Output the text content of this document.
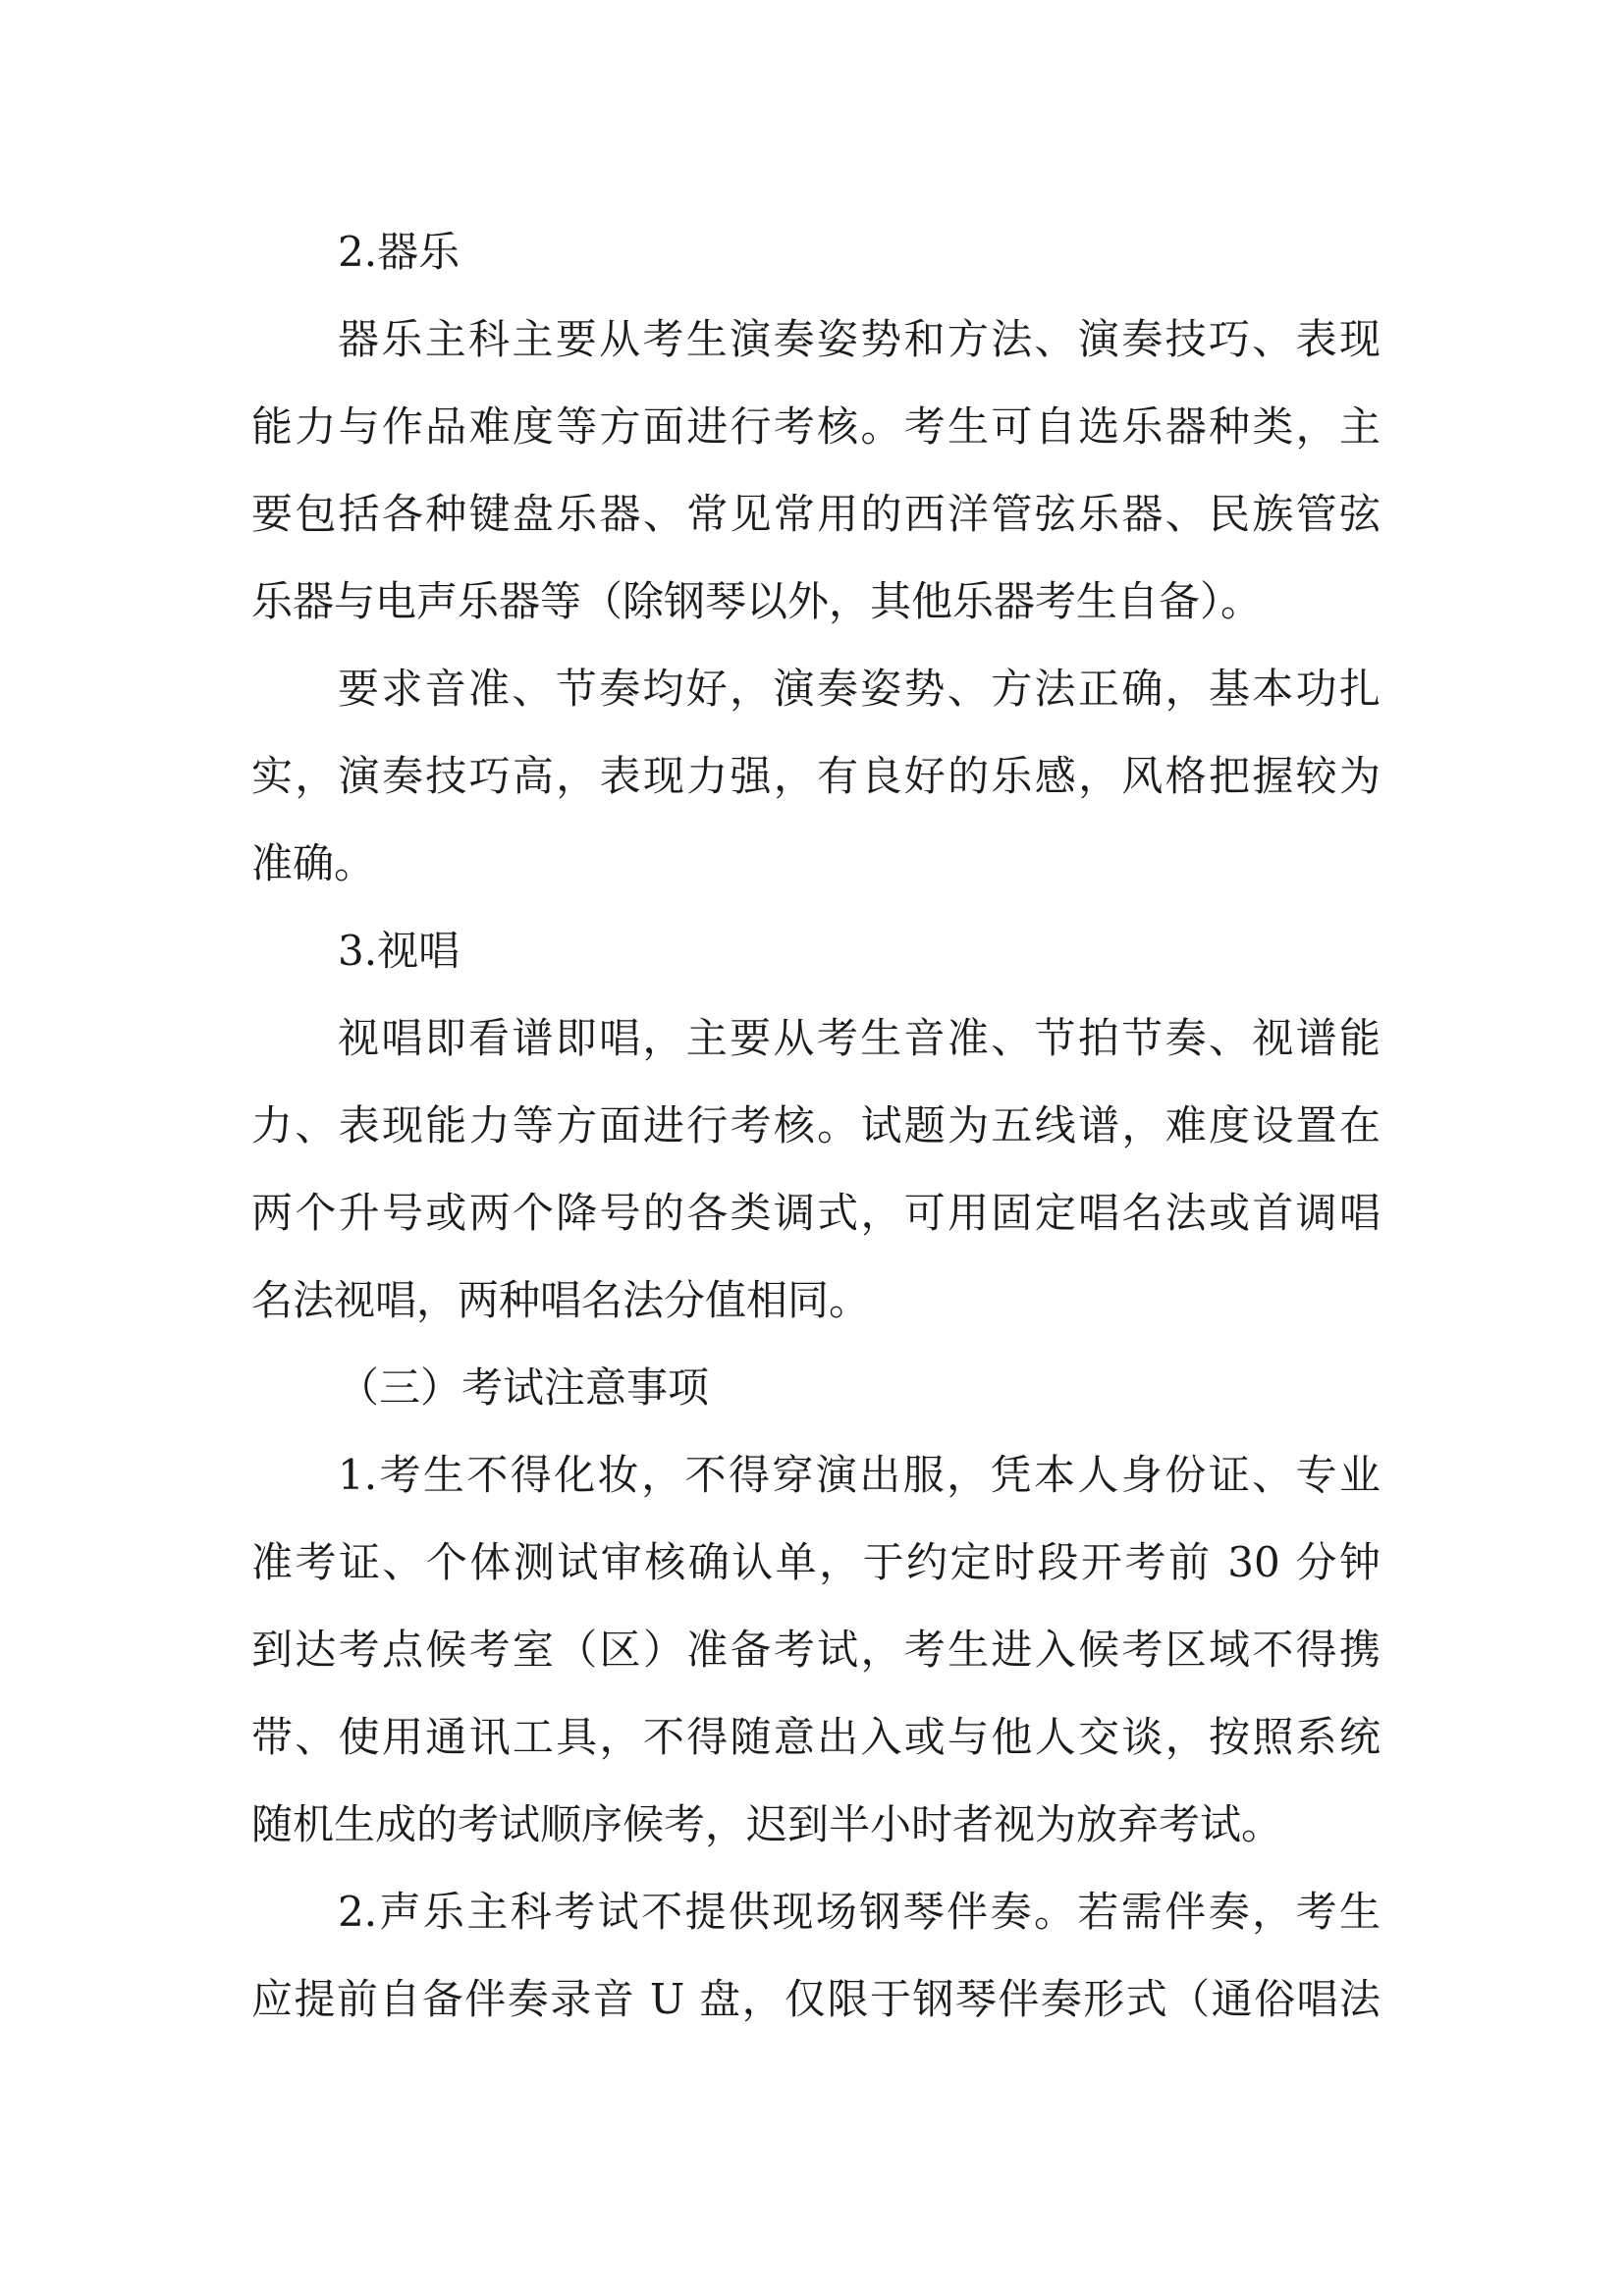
2.器乐
器乐主科主要从考生演奏姿势和方法、演奏技巧、表现
能力与作品难度等方面进行考核。考生可自选乐器种类，主
要包括各种键盘乐器、常见常用的西洋管弦乐器、民族管弦
乐器与电声乐器等（除钢琴以外，其他乐器考生自备）。
要求音准、节奏均好，演奏姿势、方法正确，基本功扎
实，演奏技巧高，表现力强，有良好的乐感，风格把握较为
准确。
3.视唱
视唱即看谱即唱，主要从考生音准、节拍节奏、视谱能
力、表现能力等方面进行考核。试题为五线谱，难度设置在
两个升号或两个降号的各类调式，可用固定唱名法或首调唱
名法视唱，两种唱名法分值相同。
（三）考试注意事项
1.考生不得化妆，不得穿演出服，凭本人身份证、专业
准考证、个体测试审核确认单，于约定时段开考前 30 分钟
到达考点候考室（区）准备考试，考生进入候考区域不得携
带、使用通讯工具，不得随意出入或与他人交谈，按照系统
随机生成的考试顺序候考，迟到半小时者视为放弃考试。
2.声乐主科考试不提供现场钢琴伴奏。若需伴奏，考生
应提前自备伴奏录音 U 盘，仅限于钢琴伴奏形式（通俗唱法
